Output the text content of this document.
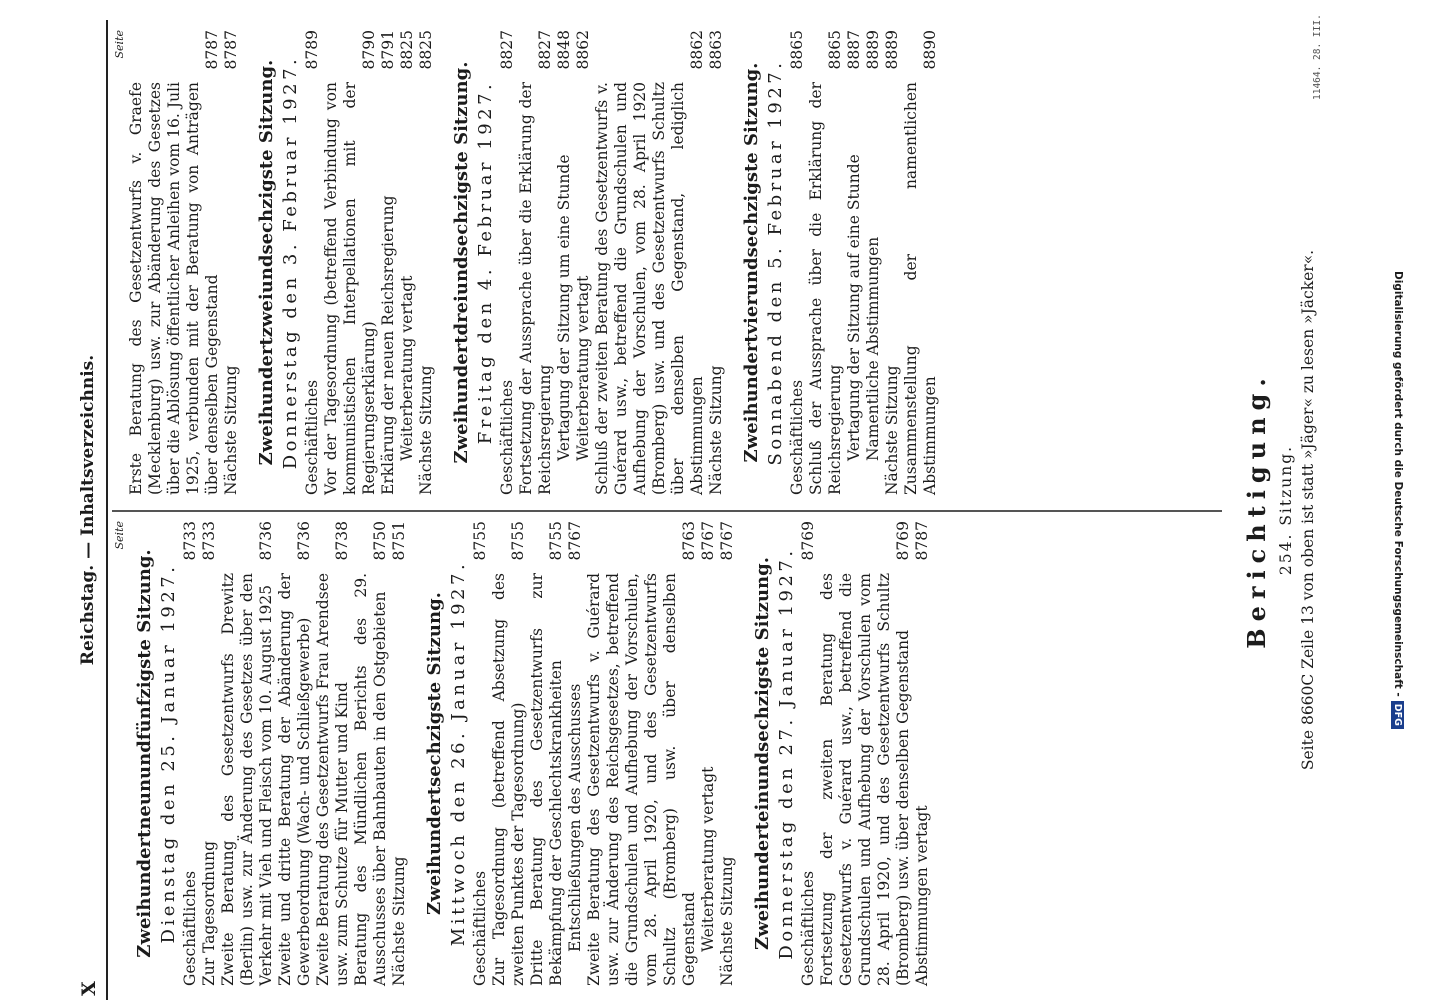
Digitalisierung gefördert durch die Deutsche Forschungsgemeinschaft -DFG
X
Reichstag. — Inhaltsverzeichnis. Seite
Zweihundertneunundfünfzigste Sitzung. Dienstag den 25. Januar 1927. Geschäftliches
8733
Zur Tagesordnung
8733
Zweite Beratung des Gesetzentwurfs Drewitz (Berlin) usw. zur Änderung des Gesetzes über den Verkehr mit Vieh und Fleisch vom 10. August 1925
8736
Zweite und dritte Beratung der Abänderung der Gewerbeordnung (Wach- und Schließgewerbe)
8736
Zweite Beratung des Gesetzentwurfs Frau Arendsee usw. zum Schutze für Mutter und Kind
8738
Beratung des Mündlichen Berichts des 29. Ausschusses über Bahnbauten in den Ostgebieten
8750
Nächste Sitzung
8751
Zweihundertsechzigste Sitzung. Mittwoch den 26. Januar 1927. Geschäftliches
8755
Zur Tagesordnung (betreffend Absetzung des zweiten Punktes der Tagesordnung)
8755
Dritte Beratung des Gesetzentwurfs zur Bekämpfung der Geschlechtskrankheiten
8755
Entschließungen des Ausschusses
8767
Zweite Beratung des Gesetzentwurfs v. Guérard usw. zur Änderung des Reichsgesetzes, betreffend die Grundschulen und Aufhebung der Vorschulen, vom 28. April 1920, und des Gesetzentwurfs Schultz (Bromberg) usw. über denselben Gegenstand
8763
Weiterberatung vertagt
8767
Nächste Sitzung
8767
Zweihunderteinundsechzigste Sitzung. Donnerstag den 27. Januar 1927. Geschäftliches
8769
Fortsetzung der zweiten Beratung des Gesetzentwurfs v. Guérard usw., betreffend die Grundschulen und Aufhebung der Vorschulen vom 28. April 1920, und des Gesetzentwurfs Schultz (Bromberg) usw. über denselben Gegenstand
8769
Abstimmungen vertagt
8787
Seite
Erste Beratung des Gesetzentwurfs v. Graefe (Mecklenburg) usw. zur Abänderung des Gesetzes über die Ablösung öffentlicher Anleihen vom 16. Juli 1925, verbunden mit der Beratung von Anträgen über denselben Gegenstand
8787
Nächste Sitzung
8787
Zweihundertzweiundsechzigste Sitzung. Donnerstag den 3. Februar 1927. Geschäftliches
8789
Vor der Tagesordnung (betreffend Verbindung von kommunistischen Interpellationen mit der Regierungserklärung)
8790
Erklärung der neuen Reichsregierung
8791
Weiterberatung vertagt
8825
Nächste Sitzung
8825
Zweihundertdreiundsechzigste Sitzung. Freitag den 4. Februar 1927. Geschäftliches
8827
Fortsetzung der Aussprache über die Erklärung der Reichsregierung
8827
Vertagung der Sitzung um eine Stunde
8848
Weiterberatung vertagt
8862
Schluß der zweiten Beratung des Gesetzentwurfs v. Guérard usw., betreffend die Grundschulen und Aufhebung der Vorschulen, vom 28. April 1920 (Bromberg) usw. und des Gesetzentwurfs Schultz über denselben Gegenstand, lediglich Abstimmungen
8862
Nächste Sitzung
8863
Zweihundertvierundsechzigste Sitzung. Sonnabend den 5. Februar 1927. Geschäftliches
8865
Schluß der Aussprache über die Erklärung der Reichsregierung
8865
Vertagung der Sitzung auf eine Stunde
8887
Namentliche Abstimmungen
8889
Nächste Sitzung
8889
Zusammenstellung der namentlichen Abstimmungen
8890
Berichtigung. 254. Sitzung. Seite 8660C Zeile 13 von oben ist statt »Jäger« zu lesen »Jäcker«.
11464. 28. III.
